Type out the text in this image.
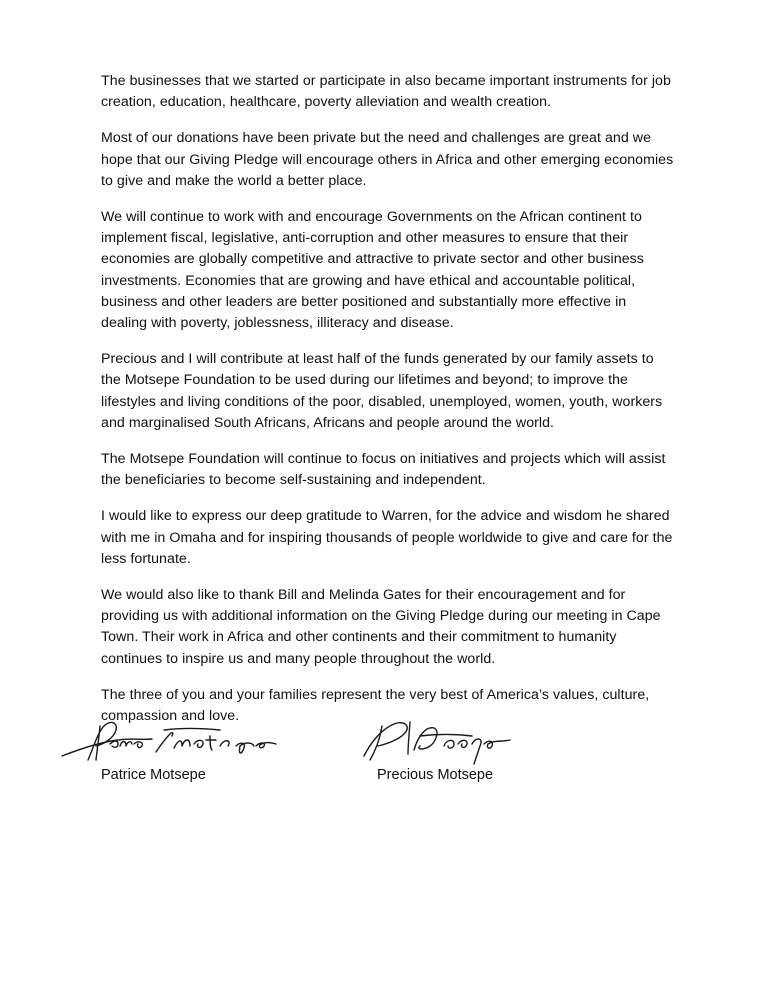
The businesses that we started or participate in also became important instruments for job creation, education, healthcare, poverty alleviation and wealth creation.

Most of our donations have been private but the need and challenges are great and we hope that our Giving Pledge will encourage others in Africa and other emerging economies to give and make the world a better place.

We will continue to work with and encourage Governments on the African continent to implement fiscal, legislative, anti-corruption and other measures to ensure that their economies are globally competitive and attractive to private sector and other business investments. Economies that are growing and have ethical and accountable political, business and other leaders are better positioned and substantially more effective in dealing with poverty, joblessness, illiteracy and disease.

Precious and I will contribute at least half of the funds generated by our family assets to the Motsepe Foundation to be used during our lifetimes and beyond; to improve the lifestyles and living conditions of the poor, disabled, unemployed, women, youth, workers and marginalised South Africans, Africans and people around the world.

The Motsepe Foundation will continue to focus on initiatives and projects which will assist the beneficiaries to become self-sustaining and independent.

I would like to express our deep gratitude to Warren, for the advice and wisdom he shared with me in Omaha and for inspiring thousands of people worldwide to give and care for the less fortunate.

We would also like to thank Bill and Melinda Gates for their encouragement and for providing us with additional information on the Giving Pledge during our meeting in Cape Town. Their work in Africa and other continents and their commitment to humanity continues to inspire us and many people throughout the world.

The three of you and your families represent the very best of America’s values, culture, compassion and love.

Patrice Motsepe	Precious Motsepe
